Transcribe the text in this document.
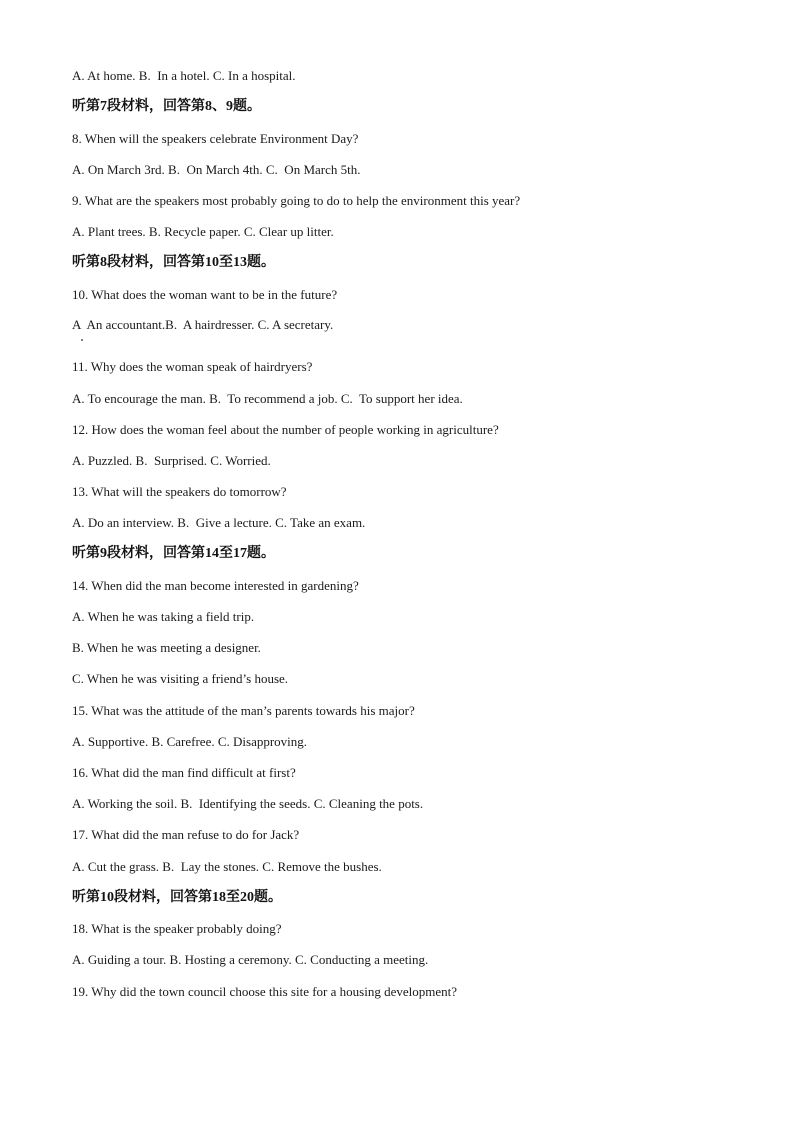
A. At home. B.  In a hotel. C. In a hospital.
听第7段材料，回答第8、9题。
8. When will the speakers celebrate Environment Day?
A. On March 3rd. B.  On March 4th. C.  On March 5th.
9. What are the speakers most probably going to do to help the environment this year?
A. Plant trees. B. Recycle paper. C. Clear up litter.
听第8段材料，回答第10至13题。
10. What does the woman want to be in the future?
A  An accountant.B.  A hairdresser. C. A secretary.
11. Why does the woman speak of hairdryers?
A. To encourage the man. B.  To recommend a job. C.  To support her idea.
12. How does the woman feel about the number of people working in agriculture?
A. Puzzled. B.  Surprised. C. Worried.
13. What will the speakers do tomorrow?
A. Do an interview. B.  Give a lecture. C. Take an exam.
听第9段材料，回答第14至17题。
14. When did the man become interested in gardening?
A. When he was taking a field trip.
B. When he was meeting a designer.
C. When he was visiting a friend’s house.
15. What was the attitude of the man’s parents towards his major?
A. Supportive. B. Carefree. C. Disapproving.
16. What did the man find difficult at first?
A. Working the soil. B.  Identifying the seeds. C. Cleaning the pots.
17. What did the man refuse to do for Jack?
A. Cut the grass. B.  Lay the stones. C. Remove the bushes.
听第10段材料，回答第18至20题。
18. What is the speaker probably doing?
A. Guiding a tour. B. Hosting a ceremony. C. Conducting a meeting.
19. Why did the town council choose this site for a housing development?
